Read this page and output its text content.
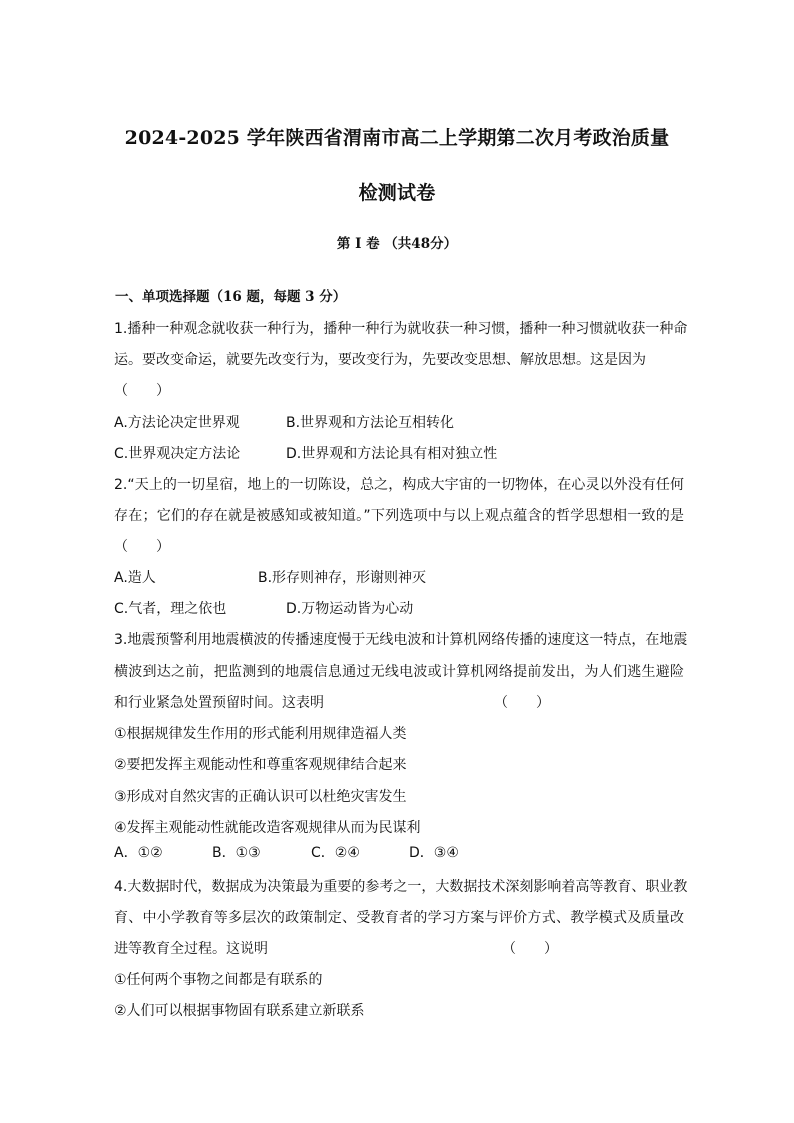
2024-2025 学年陕西省渭南市高二上学期第二次月考政治质量
检测试卷
第 I 卷 （共48分）
一、单项选择题（16 题，每题 3 分）
1.播种一种观念就收获一种行为，播种一种行为就收获一种习惯，播种一种习惯就收获一种命
运。要改变命运，就要先改变行为，要改变行为，先要改变思想、解放思想。这是因为
（　　）
A.方法论决定世界观	B.世界观和方法论互相转化
C.世界观决定方法论	D.世界观和方法论具有相对独立性
2.“天上的一切星宿，地上的一切陈设，总之，构成大宇宙的一切物体，在心灵以外没有任何
存在；它们的存在就是被感知或被知道。”下列选项中与以上观点蕴含的哲学思想相一致的是
（　　）
A.造人	B.形存则神存，形谢则神灭
C.气者，理之依也	D.万物运动皆为心动
3.地震预警利用地震横波的传播速度慢于无线电波和计算机网络传播的速度这一特点，在地震
横波到达之前，把监测到的地震信息通过无线电波或计算机网络提前发出，为人们逃生避险
和行业紧急处置预留时间。这表明	（　　）
①根据规律发生作用的形式能利用规律造福人类
②要把发挥主观能动性和尊重客观规律结合起来
③形成对自然灾害的正确认识可以杜绝灾害发生
④发挥主观能动性就能改造客观规律从而为民谋利
A．①②	B．①③	C．②④	D．③④
4.大数据时代，数据成为决策最为重要的参考之一，大数据技术深刻影响着高等教育、职业教
育、中小学教育等多层次的政策制定、受教育者的学习方案与评价方式、教学模式及质量改
进等教育全过程。这说明	（　　）
①任何两个事物之间都是有联系的
②人们可以根据事物固有联系建立新联系
